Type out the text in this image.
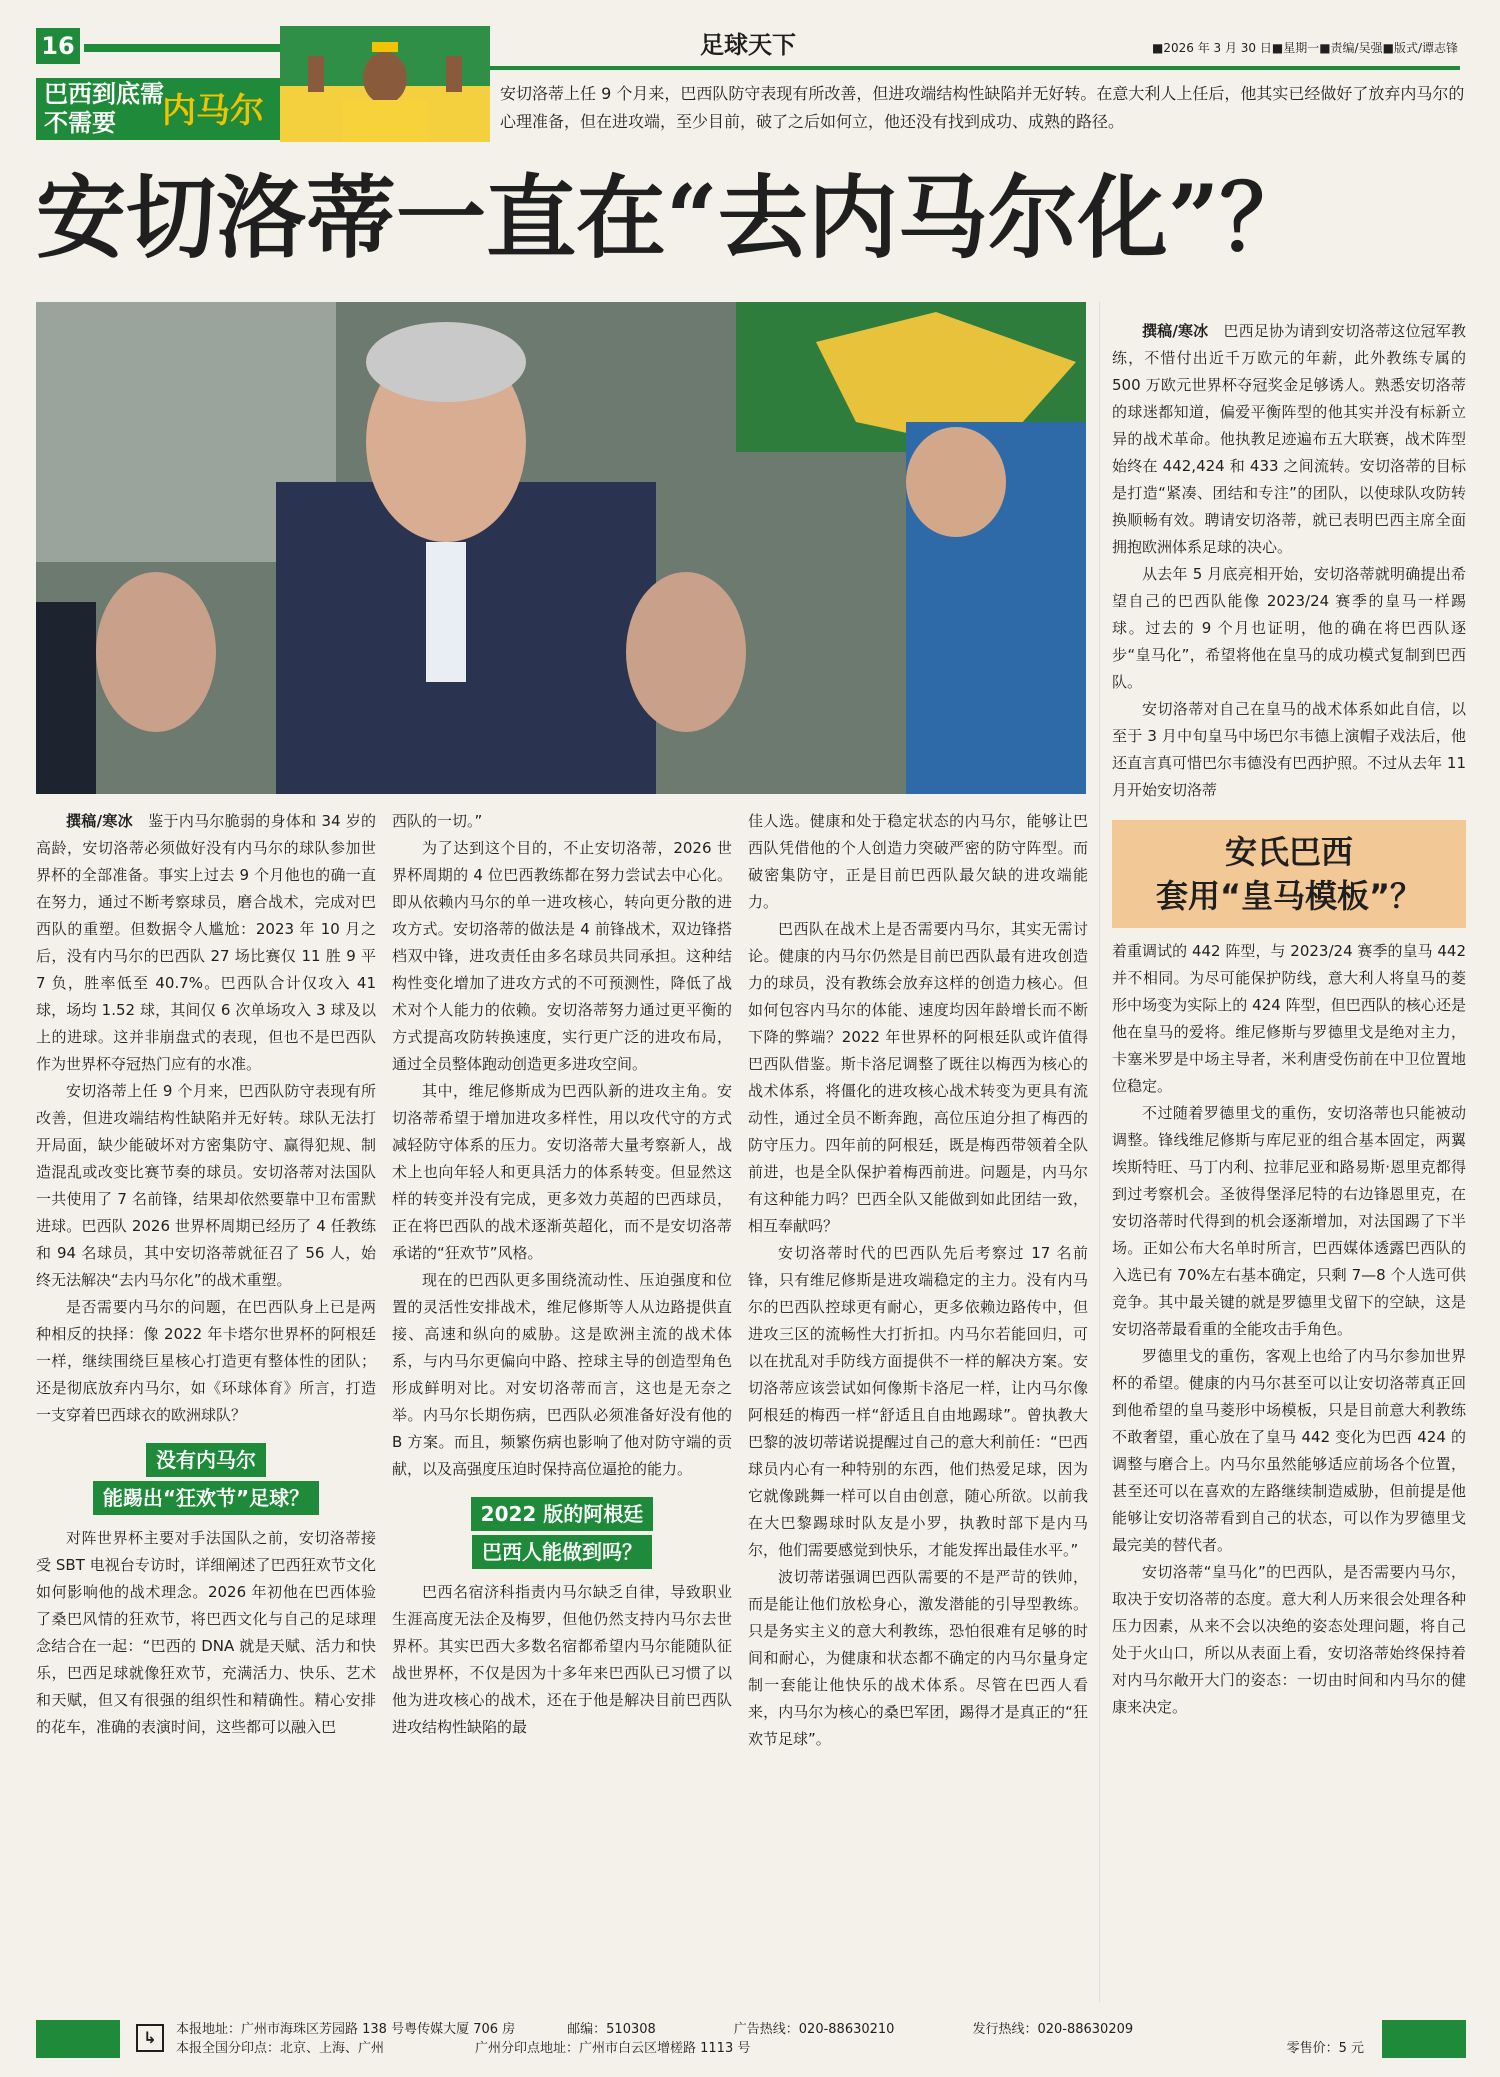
16	足球天下	■2026 年 3 月 30 日■星期一■责编/吴强■版式/谭志锋
巴西到底需不需要	内马尔	安切洛蒂上任 9 个月来，巴西队防守表现有所改善，但进攻端结构性缺陷并无好转。在意大利人上任后，他其实已经做好了放弃内马尔的心理准备，但在进攻端，至少目前，破了之后如何立，他还没有找到成功、成熟的路径。
安切洛蒂一直在“去内马尔化”？

撰稿/寒冰　 鉴于内马尔脆弱的身体和 34 岁的高龄，安切洛蒂必须做好没有内马尔的球队参加世界杯的全部准备。事实上过去 9 个月他也的确一直在努力，通过不断考察球员，磨合战术，完成对巴西队的重塑。但数据令人尴尬：2023 年 10 月之后，没有内马尔的巴西队 27 场比赛仅 11 胜 9 平 7 负，胜率低至 40.7%。巴西队合计仅攻入 41 球，场均 1.52 球，其间仅 6 次单场攻入 3 球及以上的进球。这并非崩盘式的表现，但也不是巴西队作为世界杯夺冠热门应有的水准。

安切洛蒂上任 9 个月来，巴西队防守表现有所改善，但进攻端结构性缺陷并无好转。球队无法打开局面，缺少能破坏对方密集防守、赢得犯规、制造混乱或改变比赛节奏的球员。安切洛蒂对法国队一共使用了 7 名前锋，结果却依然要靠中卫布雷默进球。巴西队 2026 世界杯周期已经历了 4 任教练和 94 名球员，其中安切洛蒂就征召了 56 人，始终无法解决“去内马尔化”的战术重塑。

是否需要内马尔的问题，在巴西队身上已是两种相反的抉择：像 2022 年卡塔尔世界杯的阿根廷一样，继续围绕巨星核心打造更有整体性的团队；还是彻底放弃内马尔，如《环球体育》所言，打造一支穿着巴西球衣的欧洲球队？

没有内马尔
能踢出“狂欢节”足球？

对阵世界杯主要对手法国队之前，安切洛蒂接受 SBT 电视台专访时，详细阐述了巴西狂欢节文化如何影响他的战术理念。2026 年初他在巴西体验了桑巴风情的狂欢节，将巴西文化与自己的足球理念结合在一起：“巴西的 DNA 就是天赋、活力和快乐，巴西足球就像狂欢节，充满活力、快乐、艺术和天赋，但又有很强的组织性和精确性。精心安排的花车，准确的表演时间，这些都可以融入巴

西队的一切。”

为了达到这个目的，不止安切洛蒂，2026 世界杯周期的 4 位巴西教练都在努力尝试去中心化。即从依赖内马尔的单一进攻核心，转向更分散的进攻方式。安切洛蒂的做法是 4 前锋战术，双边锋搭档双中锋，进攻责任由多名球员共同承担。这种结构性变化增加了进攻方式的不可预测性，降低了战术对个人能力的依赖。安切洛蒂努力通过更平衡的方式提高攻防转换速度，实行更广泛的进攻布局，通过全员整体跑动创造更多进攻空间。

其中，维尼修斯成为巴西队新的进攻主角。安切洛蒂希望于增加进攻多样性，用以攻代守的方式减轻防守体系的压力。安切洛蒂大量考察新人，战术上也向年轻人和更具活力的体系转变。但显然这样的转变并没有完成，更多效力英超的巴西球员，正在将巴西队的战术逐渐英超化，而不是安切洛蒂承诺的“狂欢节”风格。

现在的巴西队更多围绕流动性、压迫强度和位置的灵活性安排战术，维尼修斯等人从边路提供直接、高速和纵向的威胁。这是欧洲主流的战术体系，与内马尔更偏向中路、控球主导的创造型角色形成鲜明对比。对安切洛蒂而言，这也是无奈之举。内马尔长期伤病，巴西队必须准备好没有他的 B 方案。而且，频繁伤病也影响了他对防守端的贡献，以及高强度压迫时保持高位逼抢的能力。

2022 版的阿根廷
巴西人能做到吗？

巴西名宿济科指责内马尔缺乏自律，导致职业生涯高度无法企及梅罗，但他仍然支持内马尔去世界杯。其实巴西大多数名宿都希望内马尔能随队征战世界杯，不仅是因为十多年来巴西队已习惯了以他为进攻核心的战术，还在于他是解决目前巴西队进攻结构性缺陷的最

佳人选。健康和处于稳定状态的内马尔，能够让巴西队凭借他的个人创造力突破严密的防守阵型。而破密集防守，正是目前巴西队最欠缺的进攻端能力。

巴西队在战术上是否需要内马尔，其实无需讨论。健康的内马尔仍然是目前巴西队最有进攻创造力的球员，没有教练会放弃这样的创造力核心。但如何包容内马尔的体能、速度均因年龄增长而不断下降的弊端？2022 年世界杯的阿根廷队或许值得巴西队借鉴。斯卡洛尼调整了既往以梅西为核心的战术体系，将僵化的进攻核心战术转变为更具有流动性，通过全员不断奔跑，高位压迫分担了梅西的防守压力。四年前的阿根廷，既是梅西带领着全队前进，也是全队保护着梅西前进。问题是，内马尔有这种能力吗？巴西全队又能做到如此团结一致，相互奉献吗？

安切洛蒂时代的巴西队先后考察过 17 名前锋，只有维尼修斯是进攻端稳定的主力。没有内马尔的巴西队控球更有耐心，更多依赖边路传中，但进攻三区的流畅性大打折扣。内马尔若能回归，可以在扰乱对手防线方面提供不一样的解决方案。安切洛蒂应该尝试如何像斯卡洛尼一样，让内马尔像阿根廷的梅西一样“舒适且自由地踢球”。曾执教大巴黎的波切蒂诺说提醒过自己的意大利前任：“巴西球员内心有一种特别的东西，他们热爱足球，因为它就像跳舞一样可以自由创意，随心所欲。以前我在大巴黎踢球时队友是小罗，执教时部下是内马尔，他们需要感觉到快乐，才能发挥出最佳水平。”

波切蒂诺强调巴西队需要的不是严苛的铁帅，而是能让他们放松身心，激发潜能的引导型教练。只是务实主义的意大利教练，恐怕很难有足够的时间和耐心，为健康和状态都不确定的内马尔量身定制一套能让他快乐的战术体系。尽管在巴西人看来，内马尔为核心的桑巴军团，踢得才是真正的“狂欢节足球”。

撰稿/寒冰　 巴西足协为请到安切洛蒂这位冠军教练，不惜付出近千万欧元的年薪，此外教练专属的 500 万欧元世界杯夺冠奖金足够诱人。熟悉安切洛蒂的球迷都知道，偏爱平衡阵型的他其实并没有标新立异的战术革命。他执教足迹遍布五大联赛，战术阵型始终在 442,424 和 433 之间流转。安切洛蒂的目标是打造“紧凑、团结和专注”的团队，以使球队攻防转换顺畅有效。聘请安切洛蒂，就已表明巴西主席全面拥抱欧洲体系足球的决心。

从去年 5 月底亮相开始，安切洛蒂就明确提出希望自己的巴西队能像 2023/24 赛季的皇马一样踢球。过去的 9 个月也证明，他的确在将巴西队逐步“皇马化”，希望将他在皇马的成功模式复制到巴西队。

安切洛蒂对自己在皇马的战术体系如此自信，以至于 3 月中旬皇马中场巴尔韦德上演帽子戏法后，他还直言真可惜巴尔韦德没有巴西护照。不过从去年 11 月开始安切洛蒂

安氏巴西
套用“皇马模板”？

着重调试的 442 阵型，与 2023/24 赛季的皇马 442 并不相同。为尽可能保护防线，意大利人将皇马的菱形中场变为实际上的 424 阵型，但巴西队的核心还是他在皇马的爱将。维尼修斯与罗德里戈是绝对主力，卡塞米罗是中场主导者，米利唐受伤前在中卫位置地位稳定。

不过随着罗德里戈的重伤，安切洛蒂也只能被动调整。锋线维尼修斯与库尼亚的组合基本固定，两翼埃斯特旺、马丁内利、拉菲尼亚和路易斯·恩里克都得到过考察机会。圣彼得堡泽尼特的右边锋恩里克，在安切洛蒂时代得到的机会逐渐增加，对法国踢了下半场。正如公布大名单时所言，巴西媒体透露巴西队的入选已有 70%左右基本确定，只剩 7—8 个人选可供竞争。其中最关键的就是罗德里戈留下的空缺，这是安切洛蒂最看重的全能攻击手角色。

罗德里戈的重伤，客观上也给了内马尔参加世界杯的希望。健康的内马尔甚至可以让安切洛蒂真正回到他希望的皇马菱形中场模板，只是目前意大利教练不敢奢望，重心放在了皇马 442 变化为巴西 424 的调整与磨合上。内马尔虽然能够适应前场各个位置，甚至还可以在喜欢的左路继续制造威胁，但前提是他能够让安切洛蒂看到自己的状态，可以作为罗德里戈最完美的替代者。

安切洛蒂“皇马化”的巴西队，是否需要内马尔，取决于安切洛蒂的态度。意大利人历来很会处理各种压力因素，从来不会以决绝的姿态处理问题，将自己处于火山口，所以从表面上看，安切洛蒂始终保持着对内马尔敞开大门的姿态：一切由时间和内马尔的健康来决定。

↳	本报地址：广州市海珠区芳园路 138 号粤传媒大厦 706 房　　　　邮编：510308　　　　　　广告热线：020-88630210　　　　　　发行热线：020-88630209
本报全国分印点：北京、上海、广州　　　　　　　广州分印点地址：广州市白云区增槎路 1113 号	零售价：5 元
